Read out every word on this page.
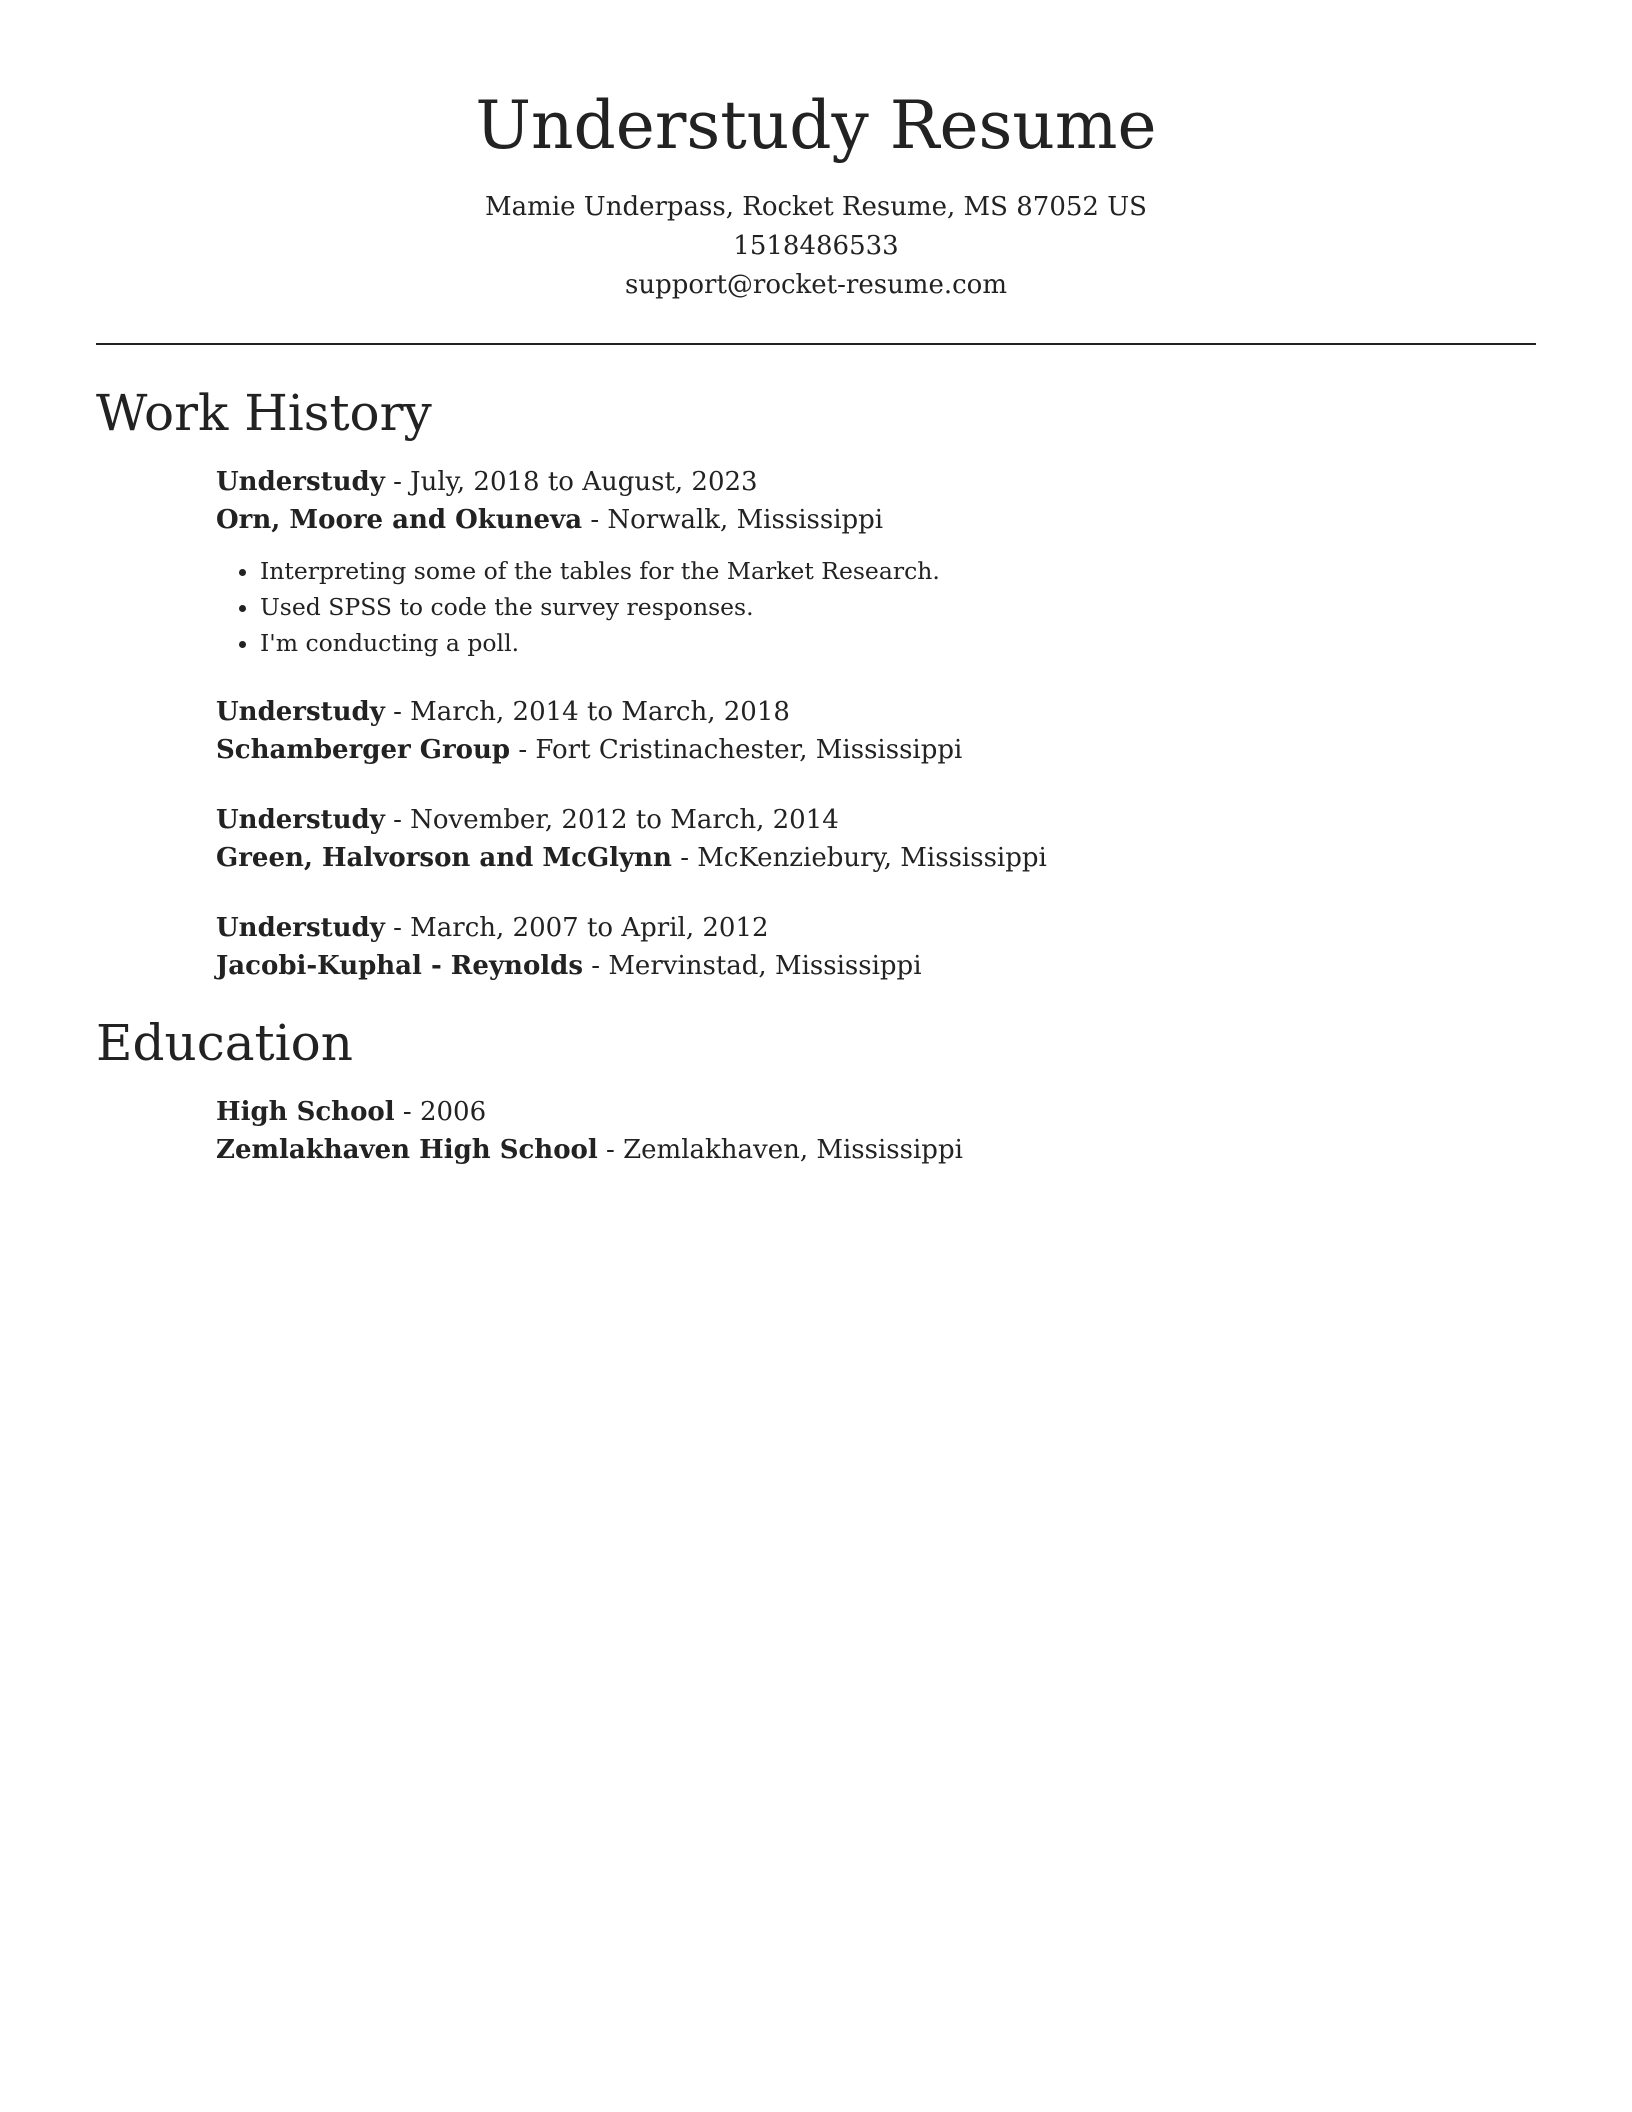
Understudy Resume
Mamie Underpass, Rocket Resume, MS 87052 US
1518486533
support@rocket-resume.com
Work History
Understudy - July, 2018 to August, 2023
Orn, Moore and Okuneva - Norwalk, Mississippi
• Interpreting some of the tables for the Market Research.
• Used SPSS to code the survey responses.
• I'm conducting a poll.
Understudy - March, 2014 to March, 2018
Schamberger Group - Fort Cristinachester, Mississippi
Understudy - November, 2012 to March, 2014
Green, Halvorson and McGlynn - McKenziebury, Mississippi
Understudy - March, 2007 to April, 2012
Jacobi-Kuphal - Reynolds - Mervinstad, Mississippi
Education
High School - 2006
Zemlakhaven High School - Zemlakhaven, Mississippi
